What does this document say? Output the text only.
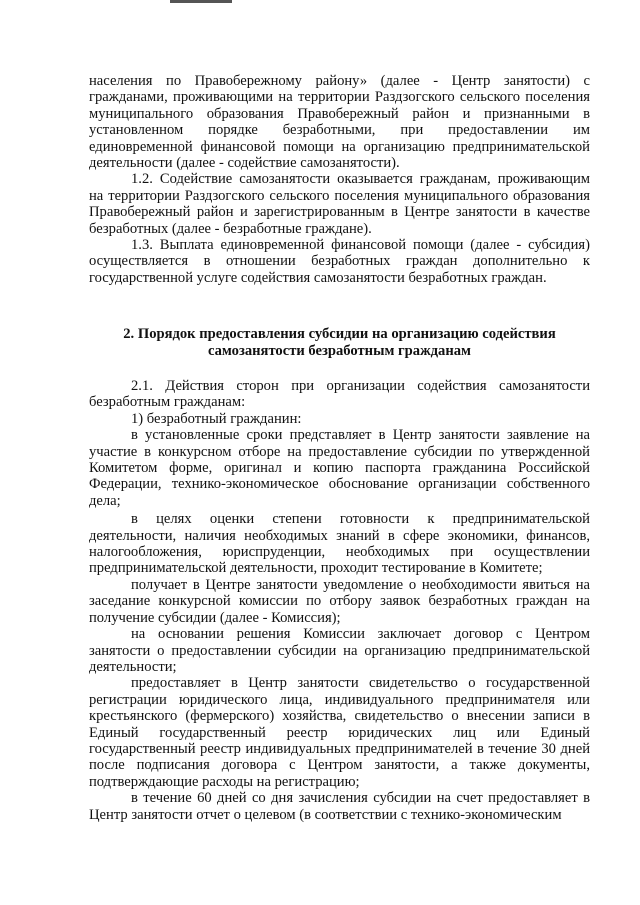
населения по Правобережному району» (далее - Центр занятости) с гражданами, проживающими на территории Раздзогского сельского поселения муниципального образования Правобережный район и признанными в установленном порядке безработными, при предоставлении им единовременной финансовой помощи на организацию предпринимательской деятельности (далее - содействие самозанятости).

1.2. Содействие самозанятости оказывается гражданам, проживающим на территории Раздзогского сельского поселения муниципального образования Правобережный район и зарегистрированным в Центре занятости в качестве безработных (далее - безработные граждане).

1.3. Выплата единовременной финансовой помощи (далее - субсидия) осуществляется в отношении безработных граждан дополнительно к государственной услуге содействия самозанятости безработных граждан.

2. Порядок предоставления субсидии на организацию содействия
самозанятости безработным гражданам

2.1. Действия сторон при организации содействия самозанятости безработным гражданам:

1) безработный гражданин:

в установленные сроки представляет в Центр занятости заявление на участие в конкурсном отборе на предоставление субсидии по утвержденной Комитетом форме, оригинал и копию паспорта гражданина Российской Федерации, технико-экономическое обоснование организации собственного дела;

в целях оценки степени готовности к предпринимательской деятельности, наличия необходимых знаний в сфере экономики, финансов, налогообложения, юриспруденции, необходимых при осуществлении предпринимательской деятельности, проходит тестирование в Комитете;

получает в Центре занятости уведомление о необходимости явиться на заседание конкурсной комиссии по отбору заявок безработных граждан на получение субсидии (далее - Комиссия);

на основании решения Комиссии заключает договор с Центром занятости о предоставлении субсидии на организацию предпринимательской деятельности;

предоставляет в Центр занятости свидетельство о государственной регистрации юридического лица, индивидуального предпринимателя или крестьянского (фермерского) хозяйства, свидетельство о внесении записи в Единый государственный реестр юридических лиц или Единый государственный реестр индивидуальных предпринимателей в течение 30 дней после подписания договора с Центром занятости, а также документы, подтверждающие расходы на регистрацию;

в течение 60 дней со дня зачисления субсидии на счет предоставляет в Центр занятости отчет о целевом (в соответствии с технико-экономическим
